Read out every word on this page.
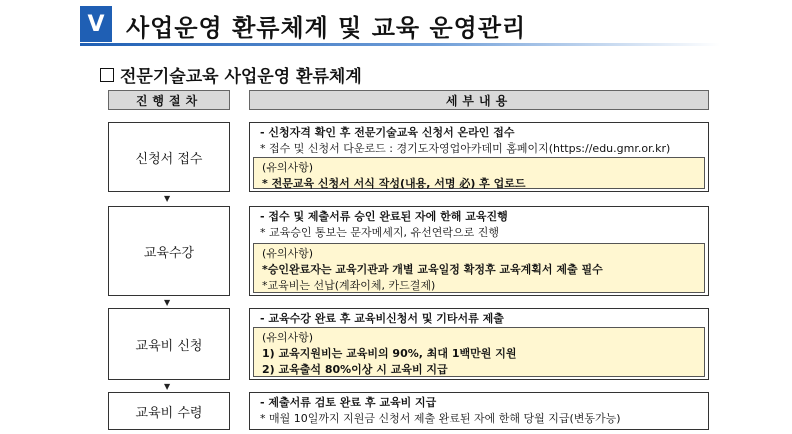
V 사업운영 환류체계 및 교육 운영관리
전문기술교육 사업운영 환류체계
진행절차	세부내용
신청서 접수
- 신청자격 확인 후 전문기술교육 신청서 온라인 접수
* 접수 및 신청서 다운로드 : 경기도자영업아카데미 홈페이지(https://edu.gmr.or.kr)
(유의사항)
* 전문교육 신청서 서식 작성(내용, 서명 必) 후 업로드
▼
교육수강
- 접수 및 제출서류 승인 완료된 자에 한해 교육진행
* 교육승인 통보는 문자메세지, 유선연락으로 진행
(유의사항)
*승인완료자는 교육기관과 개별 교육일정 확정후 교육계획서 제출 필수
*교육비는 선납(계좌이체, 카드결제)
▼
교육비 신청
- 교육수강 완료 후 교육비신청서 및 기타서류 제출
(유의사항)
1) 교육지원비는 교육비의 90%, 최대 1백만원 지원
2) 교육출석 80%이상 시 교육비 지급
▼
교육비 수령
- 제출서류 검토 완료 후 교육비 지급
* 매월 10일까지 지원금 신청서 제출 완료된 자에 한해 당월 지급(변동가능)
